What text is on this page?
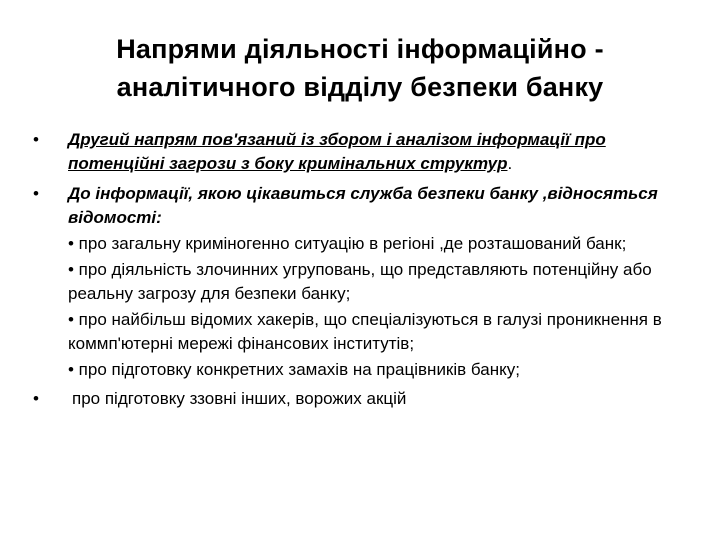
Напрями діяльності інформаційно -
аналітичного відділу безпеки банку
• Другий напрям пов'язаний із збором і аналізом інформації про потенційні загрози з боку кримінальних структур.
• До інформації, якою цікавиться служба безпеки банку ,відносяться відомості:
• про загальну криміногенно ситуацію в регіоні ,де розташований банк;
• про діяльність злочинних угруповань, що представляють потенційну або реальну загрозу для безпеки банку;
• про найбільш відомих хакерів, що спеціалізуються в галузі проникнення в коммп'ютерні мережі фінансових інститутів;
• про підготовку конкретних замахів на працівників банку;
• про підготовку ззовні інших, ворожих акцій
